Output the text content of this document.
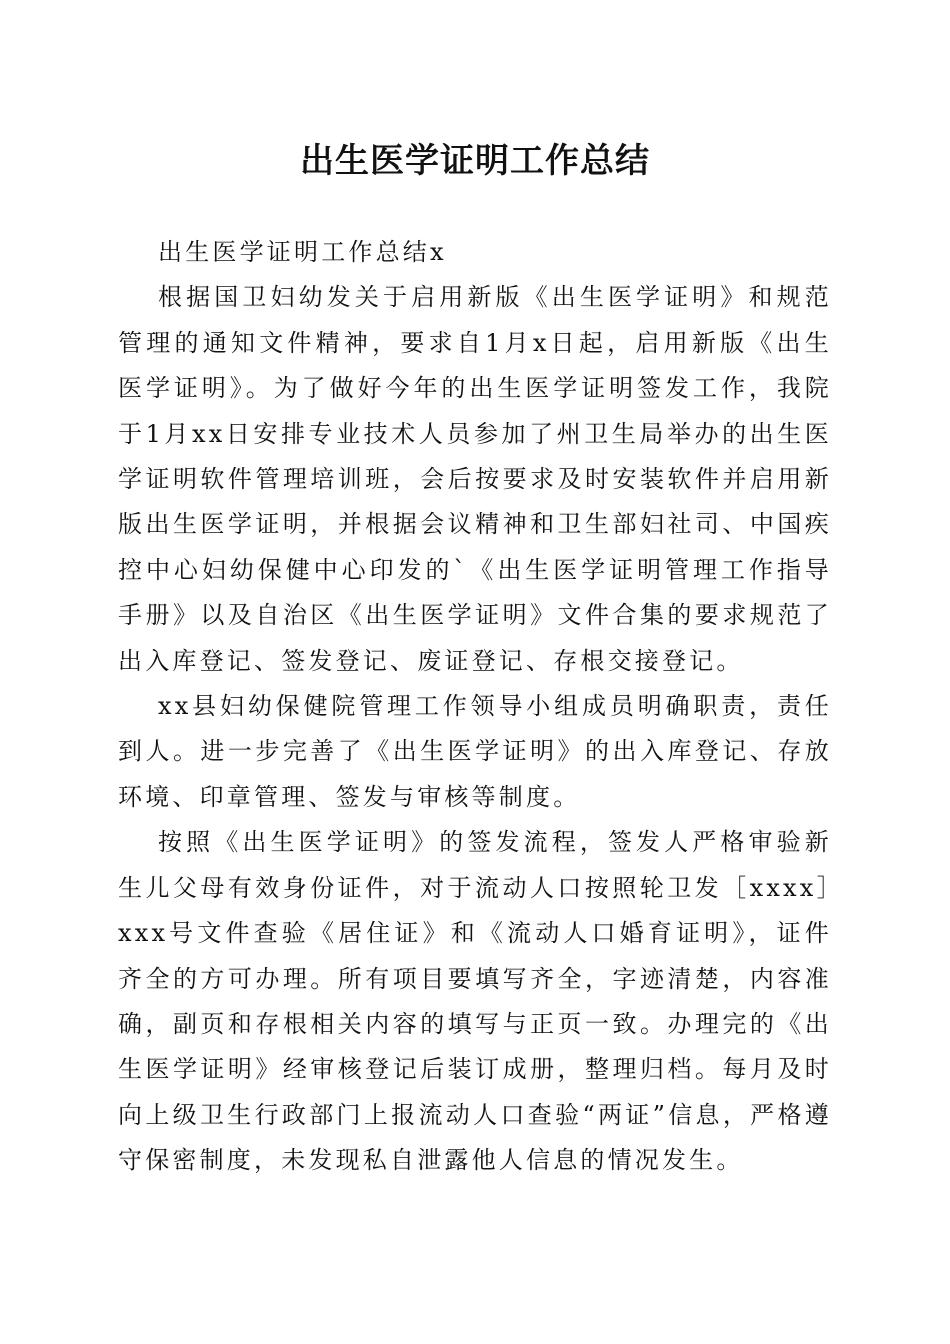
出生医学证明工作总结

出生医学证明工作总结x

根据国卫妇幼发关于启用新版《出生医学证明》和规范管理的通知文件精神，要求自1月x日起，启用新版《出生医学证明》。为了做好今年的出生医学证明签发工作，我院于1月xx日安排专业技术人员参加了州卫生局举办的出生医学证明软件管理培训班，会后按要求及时安装软件并启用新版出生医学证明，并根据会议精神和卫生部妇社司、中国疾控中心妇幼保健中心印发的`《出生医学证明管理工作指导手册》以及自治区《出生医学证明》文件合集的要求规范了出入库登记、签发登记、废证登记、存根交接登记。

xx县妇幼保健院管理工作领导小组成员明确职责，责任到人。进一步完善了《出生医学证明》的出入库登记、存放环境、印章管理、签发与审核等制度。

按照《出生医学证明》的签发流程，签发人严格审验新生儿父母有效身份证件，对于流动人口按照轮卫发［xxxx］xxx号文件查验《居住证》和《流动人口婚育证明》，证件齐全的方可办理。所有项目要填写齐全，字迹清楚，内容准确，副页和存根相关内容的填写与正页一致。办理完的《出生医学证明》经审核登记后装订成册，整理归档。每月及时向上级卫生行政部门上报流动人口查验“两证”信息，严格遵守保密制度，未发现私自泄露他人信息的情况发生。
